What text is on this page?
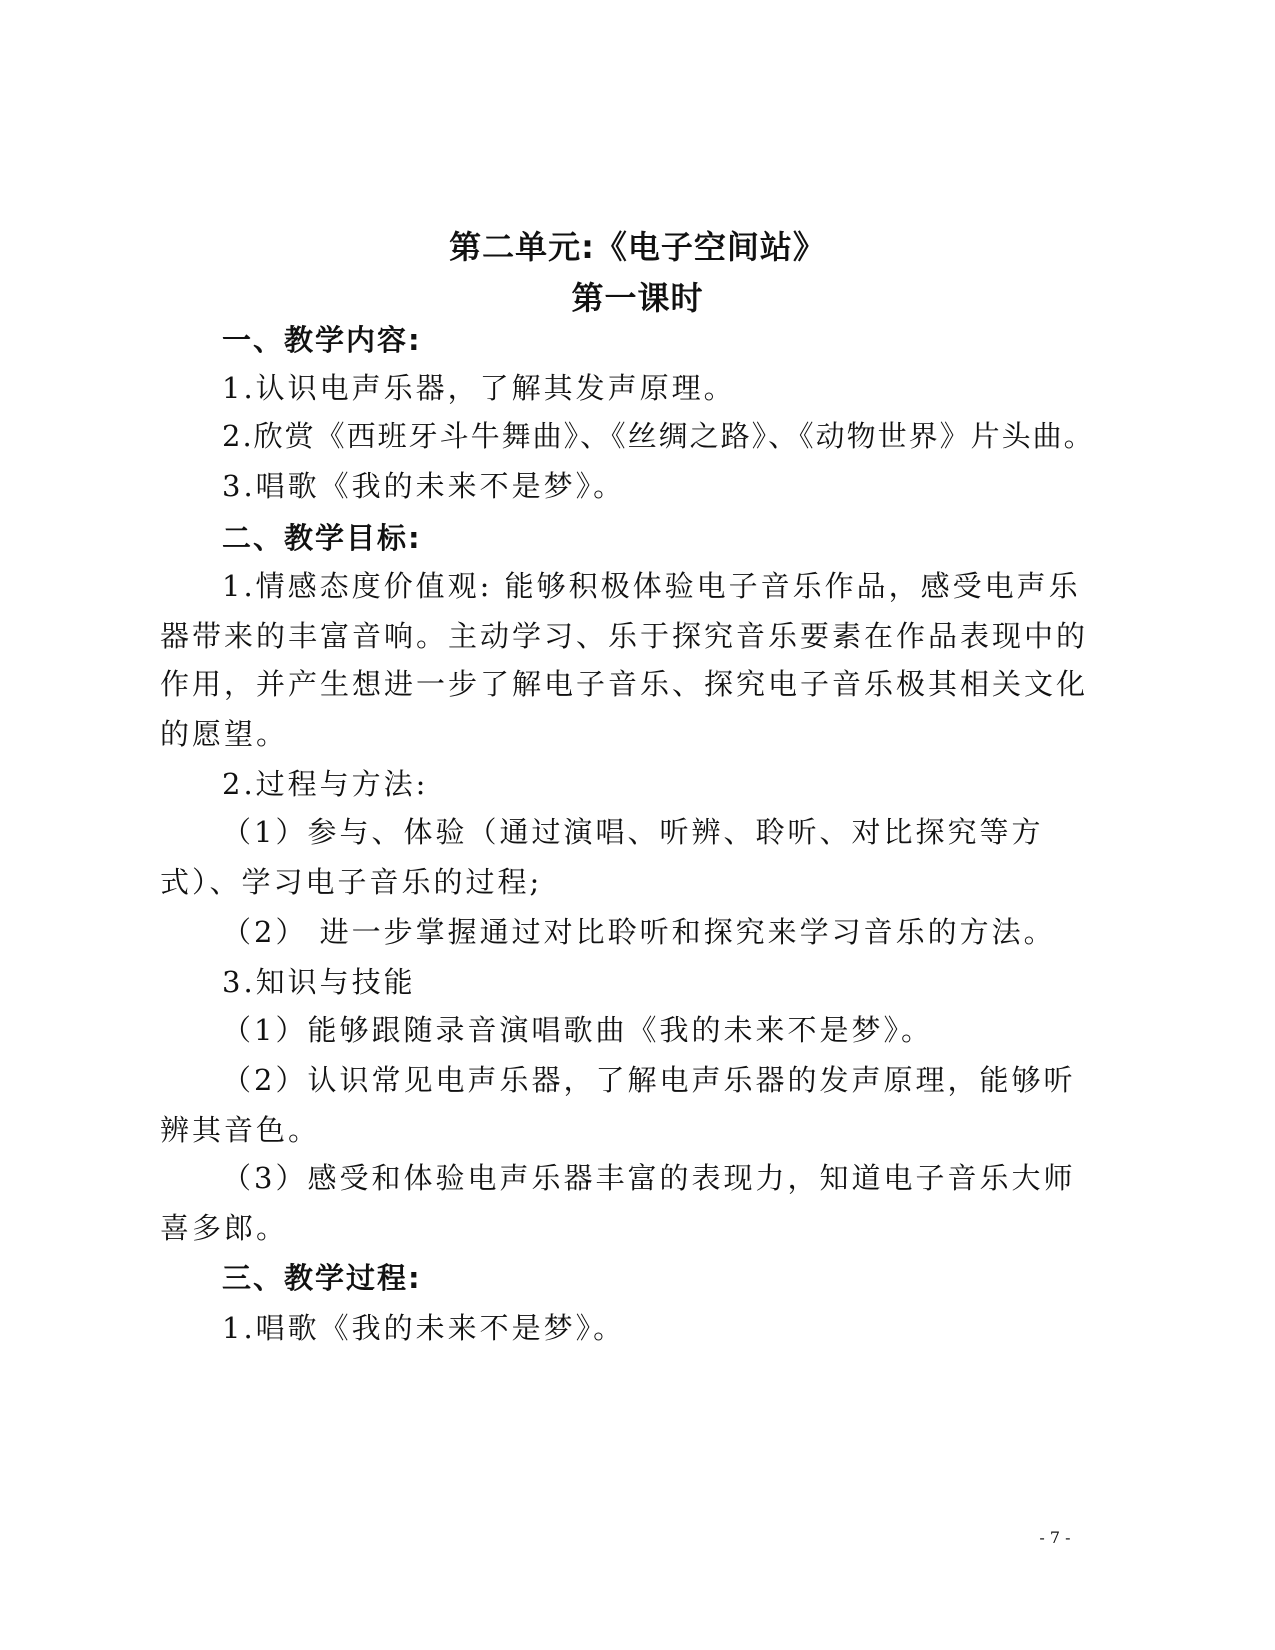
第二单元:《电子空间站》
第一课时
一、教学内容:
1.认识电声乐器，了解其发声原理。
2.欣赏《西班牙斗牛舞曲》、《丝绸之路》、《动物世界》片头曲。
3.唱歌《我的未来不是梦》。
二、教学目标:
1.情感态度价值观: 能够积极体验电子音乐作品，感受电声乐
器带来的丰富音响。主动学习、乐于探究音乐要素在作品表现中的
作用，并产生想进一步了解电子音乐、探究电子音乐极其相关文化
的愿望。
2.过程与方法:
（1）参与、体验（通过演唱、听辨、聆听、对比探究等方
式）、学习电子音乐的过程;
（2） 进一步掌握通过对比聆听和探究来学习音乐的方法。
3.知识与技能
（1）能够跟随录音演唱歌曲《我的未来不是梦》。
（2）认识常见电声乐器，了解电声乐器的发声原理，能够听
辨其音色。
（3）感受和体验电声乐器丰富的表现力，知道电子音乐大师
喜多郎。
三、教学过程:
1.唱歌《我的未来不是梦》。
- 7 -
